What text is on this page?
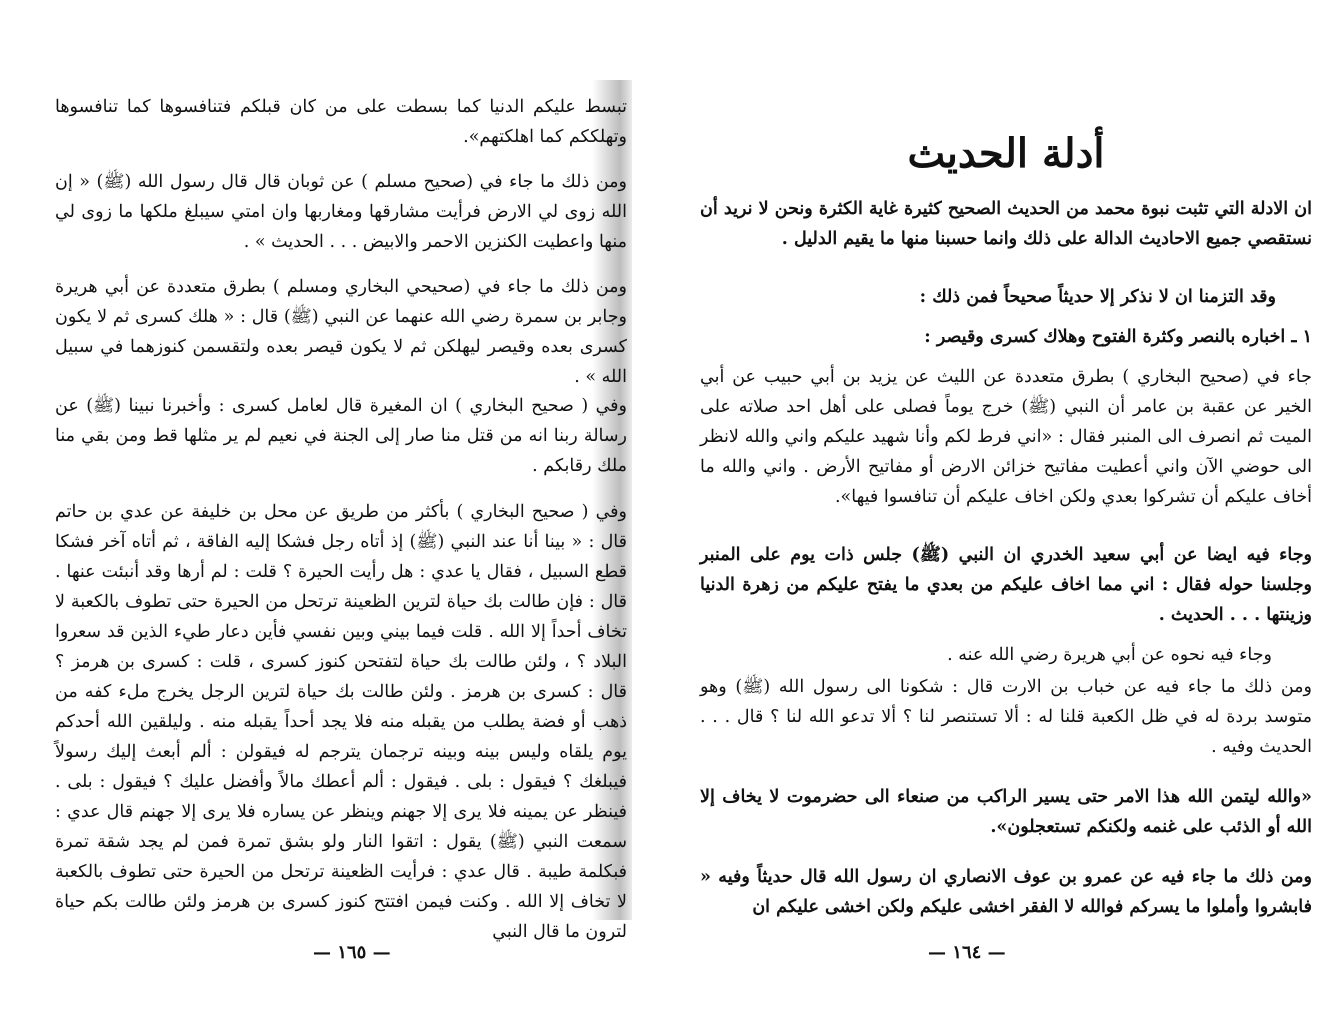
تبسط عليكم الدنيا كما بسطت على من كان قبلكم فتنافسوها كما تنافسوها وتهلككم كما اهلكتهم».

ومن ذلك ما جاء في (صحيح مسلم ) عن ثوبان قال قال رسول الله (ﷺ) « إن الله زوى لي الارض فرأيت مشارقها ومغاربها وان امتي سيبلغ ملكها ما زوى لي منها واعطيت الكنزين الاحمر والابيض . . . الحديث » .

ومن ذلك ما جاء في (صحيحي البخاري ومسلم ) بطرق متعددة عن أبي هريرة وجابر بن سمرة رضي الله عنهما عن النبي (ﷺ) قال : « هلك كسرى ثم لا يكون كسرى بعده وقيصر ليهلكن ثم لا يكون قيصر بعده ولتقسمن كنوزهما في سبيل الله » .

وفي ( صحيح البخاري ) ان المغيرة قال لعامل كسرى : وأخبرنا نبينا (ﷺ) عن رسالة ربنا انه من قتل منا صار إلى الجنة في نعيم لم ير مثلها قط ومن بقي منا ملك رقابكم .

وفي ( صحيح البخاري ) بأكثر من طريق عن محل بن خليفة عن عدي بن حاتم قال : « بينا أنا عند النبي (ﷺ) إذ أتاه رجل فشكا إليه الفاقة ، ثم أتاه آخر فشكا قطع السبيل ، فقال يا عدي : هل رأيت الحيرة ؟ قلت : لم أرها وقد أنبئت عنها . قال : فإن طالت بك حياة لترين الظعينة ترتحل من الحيرة حتى تطوف بالكعبة لا تخاف أحداً إلا الله . قلت فيما بيني وبين نفسي فأين دعار طيء الذين قد سعروا البلاد ؟ ، ولئن طالت بك حياة لتفتحن كنوز كسرى ، قلت : كسرى بن هرمز ؟ قال : كسرى بن هرمز . ولئن طالت بك حياة لترين الرجل يخرج ملء كفه من ذهب أو فضة يطلب من يقبله منه فلا يجد أحداً يقبله منه . وليلقين الله أحدكم يوم يلقاه وليس بينه وبينه ترجمان يترجم له فيقولن : ألم أبعث إليك رسولاً فيبلغك ؟ فيقول : بلى . فيقول : ألم أعطك مالاً وأفضل عليك ؟ فيقول : بلى . فينظر عن يمينه فلا يرى إلا جهنم وينظر عن يساره فلا يرى إلا جهنم قال عدي : سمعت النبي (ﷺ) يقول : اتقوا النار ولو بشق تمرة فمن لم يجد شقة تمرة فبكلمة طيبة . قال عدي : فرأيت الظعينة ترتحل من الحيرة حتى تطوف بالكعبة لا تخاف إلا الله . وكنت فيمن افتتح كنوز كسرى بن هرمز ولئن طالت بكم حياة لترون ما قال النبي

— ١٦٥ —
أدلة الحديث

ان الادلة التي تثبت نبوة محمد من الحديث الصحيح كثيرة غاية الكثرة ونحن لا نريد أن نستقصي جميع الاحاديث الدالة على ذلك وانما حسبنا منها ما يقيم الدليل .

وقد التزمنا ان لا نذكر إلا حديثاً صحيحاً فمن ذلك :

١ ـ اخباره بالنصر وكثرة الفتوح وهلاك كسرى وقيصر :

جاء في (صحيح البخاري ) بطرق متعددة عن الليث عن يزيد بن أبي حبيب عن أبي الخير عن عقبة بن عامر أن النبي (ﷺ) خرج يوماً فصلى على أهل احد صلاته على الميت ثم انصرف الى المنبر فقال : «اني فرط لكم وأنا شهيد عليكم واني والله لانظر الى حوضي الآن واني أعطيت مفاتيح خزائن الارض أو مفاتيح الأرض . واني والله ما أخاف عليكم أن تشركوا بعدي ولكن اخاف عليكم أن تنافسوا فيها».

وجاء فيه ايضا عن أبي سعيد الخدري ان النبي (ﷺ) جلس ذات يوم على المنبر وجلسنا حوله فقال : اني مما اخاف عليكم من بعدي ما يفتح عليكم من زهرة الدنيا وزينتها . . . الحديث .

وجاء فيه نحوه عن أبي هريرة رضي الله عنه .

ومن ذلك ما جاء فيه عن خباب بن الارت قال : شكونا الى رسول الله (ﷺ) وهو متوسد بردة له في ظل الكعبة قلنا له : ألا تستنصر لنا ؟ ألا تدعو الله لنا ؟ قال . . . الحديث وفيه .

«والله ليتمن الله هذا الامر حتى يسير الراكب من صنعاء الى حضرموت لا يخاف إلا الله أو الذئب على غنمه ولكنكم تستعجلون».

ومن ذلك ما جاء فيه عن عمرو بن عوف الانصاري ان رسول الله قال حديثاً وفيه « فابشروا وأملوا ما يسركم فوالله لا الفقر اخشى عليكم ولكن اخشى عليكم ان

— ١٦٤ —
